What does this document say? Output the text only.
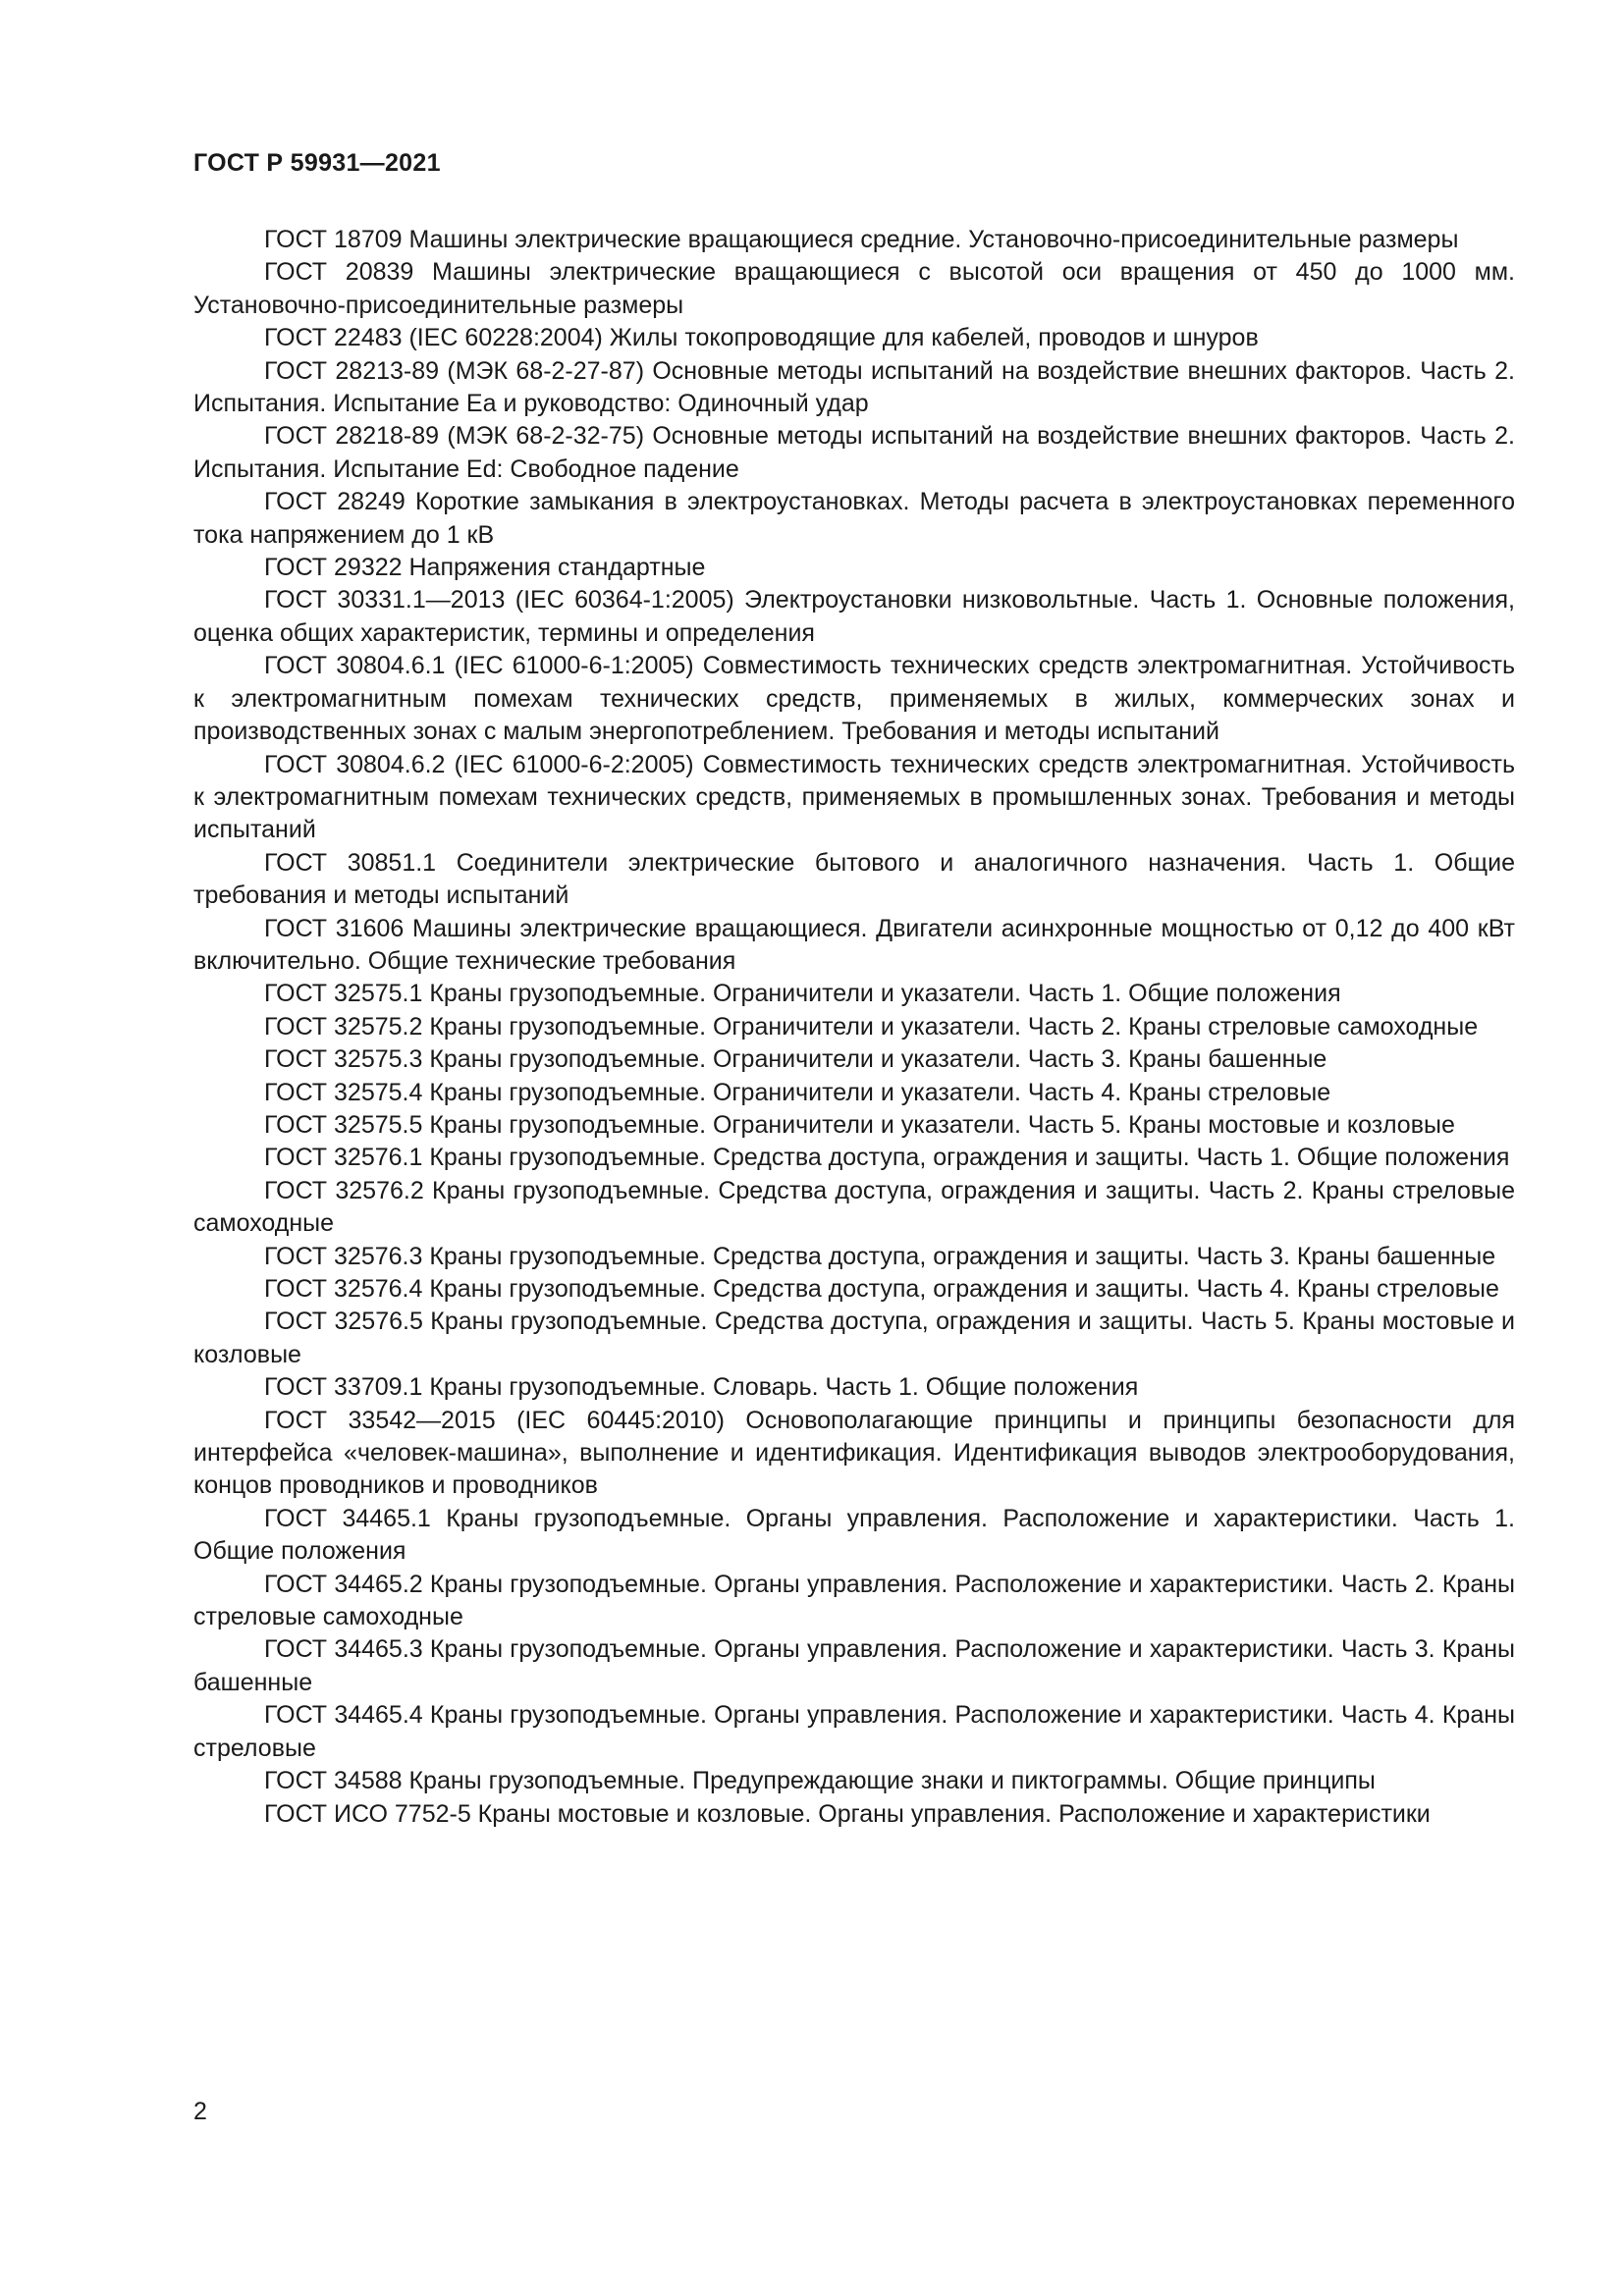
ГОСТ Р 59931—2021
ГОСТ 18709 Машины электрические вращающиеся средние. Установочно-присоединительные размеры
ГОСТ 20839 Машины электрические вращающиеся с высотой оси вращения от 450 до 1000 мм. Установочно-присоединительные размеры
ГОСТ 22483 (IEC 60228:2004) Жилы токопроводящие для кабелей, проводов и шнуров
ГОСТ 28213-89 (МЭК 68-2-27-87) Основные методы испытаний на воздействие внешних факторов. Часть 2. Испытания. Испытание Еа и руководство: Одиночный удар
ГОСТ 28218-89 (МЭК 68-2-32-75) Основные методы испытаний на воздействие внешних факторов. Часть 2. Испытания. Испытание Ed: Свободное падение
ГОСТ 28249 Короткие замыкания в электроустановках. Методы расчета в электроустановках переменного тока напряжением до 1 кВ
ГОСТ 29322 Напряжения стандартные
ГОСТ 30331.1—2013 (IEC 60364-1:2005) Электроустановки низковольтные. Часть 1. Основные положения, оценка общих характеристик, термины и определения
ГОСТ 30804.6.1 (IEC 61000-6-1:2005) Совместимость технических средств электромагнитная. Устойчивость к электромагнитным помехам технических средств, применяемых в жилых, коммерческих зонах и производственных зонах с малым энергопотреблением. Требования и методы испытаний
ГОСТ 30804.6.2 (IEC 61000-6-2:2005) Совместимость технических средств электромагнитная. Устойчивость к электромагнитным помехам технических средств, применяемых в промышленных зонах. Требования и методы испытаний
ГОСТ 30851.1 Соединители электрические бытового и аналогичного назначения. Часть 1. Общие требования и методы испытаний
ГОСТ 31606 Машины электрические вращающиеся. Двигатели асинхронные мощностью от 0,12 до 400 кВт включительно. Общие технические требования
ГОСТ 32575.1 Краны грузоподъемные. Ограничители и указатели. Часть 1. Общие положения
ГОСТ 32575.2 Краны грузоподъемные. Ограничители и указатели. Часть 2. Краны стреловые самоходные
ГОСТ 32575.3 Краны грузоподъемные. Ограничители и указатели. Часть 3. Краны башенные
ГОСТ 32575.4 Краны грузоподъемные. Ограничители и указатели. Часть 4. Краны стреловые
ГОСТ 32575.5 Краны грузоподъемные. Ограничители и указатели. Часть 5. Краны мостовые и козловые
ГОСТ 32576.1 Краны грузоподъемные. Средства доступа, ограждения и защиты. Часть 1. Общие положения
ГОСТ 32576.2 Краны грузоподъемные. Средства доступа, ограждения и защиты. Часть 2. Краны стреловые самоходные
ГОСТ 32576.3 Краны грузоподъемные. Средства доступа, ограждения и защиты. Часть 3. Краны башенные
ГОСТ 32576.4 Краны грузоподъемные. Средства доступа, ограждения и защиты. Часть 4. Краны стреловые
ГОСТ 32576.5 Краны грузоподъемные. Средства доступа, ограждения и защиты. Часть 5. Краны мостовые и козловые
ГОСТ 33709.1 Краны грузоподъемные. Словарь. Часть 1. Общие положения
ГОСТ 33542—2015 (IEC 60445:2010) Основополагающие принципы и принципы безопасности для интерфейса «человек-машина», выполнение и идентификация. Идентификация выводов электрооборудования, концов проводников и проводников
ГОСТ 34465.1 Краны грузоподъемные. Органы управления. Расположение и характеристики. Часть 1. Общие положения
ГОСТ 34465.2 Краны грузоподъемные. Органы управления. Расположение и характеристики. Часть 2. Краны стреловые самоходные
ГОСТ 34465.3 Краны грузоподъемные. Органы управления. Расположение и характеристики. Часть 3. Краны башенные
ГОСТ 34465.4 Краны грузоподъемные. Органы управления. Расположение и характеристики. Часть 4. Краны стреловые
ГОСТ 34588 Краны грузоподъемные. Предупреждающие знаки и пиктограммы. Общие принципы
ГОСТ ИСО 7752-5 Краны мостовые и козловые. Органы управления. Расположение и характеристики
2
